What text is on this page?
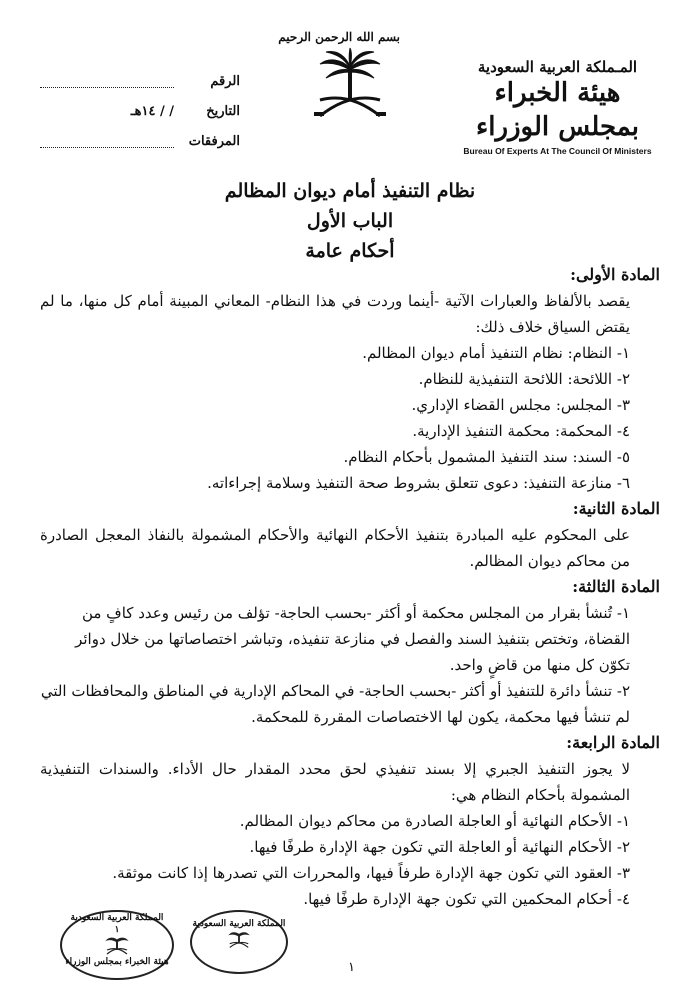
المـملكة العربية السعودية
هيئة الخبراء بمجلس الوزراء
Bureau Of Experts At The Council Of Ministers
بسم الله الرحمن الرحيم
الرقم
التاريخ
/ / ١٤هـ
المرفقات
نظام التنفيذ أمام ديوان المظالم
الباب الأول
أحكام عامة

المادة الأولى:

يقصد بالألفاظ والعبارات الآتية -أينما وردت في هذا النظام- المعاني المبينة أمام كل منها، ما لم يقتض السياق خلاف ذلك:

١- النظام: نظام التنفيذ أمام ديوان المظالم.
٢- اللائحة: اللائحة التنفيذية للنظام.
٣- المجلس: مجلس القضاء الإداري.
٤- المحكمة: محكمة التنفيذ الإدارية.
٥- السند: سند التنفيذ المشمول بأحكام النظام.
٦- منازعة التنفيذ: دعوى تتعلق بشروط صحة التنفيذ وسلامة إجراءاته.

المادة الثانية:

على المحكوم عليه المبادرة بتنفيذ الأحكام النهائية والأحكام المشمولة بالنفاذ المعجل الصادرة من محاكم ديوان المظالم.

المادة الثالثة:

١- تُنشأ بقرار من المجلس محكمة أو أكثر -بحسب الحاجة- تؤلف من رئيس وعدد كافٍ من القضاة، وتختص بتنفيذ السند والفصل في منازعة تنفيذه، وتباشر اختصاصاتها من خلال دوائر تكوّن كل منها من قاضٍ واحد.
٢- تنشأ دائرة للتنفيذ أو أكثر -بحسب الحاجة- في المحاكم الإدارية في المناطق والمحافظات التي لم تنشأ فيها محكمة، يكون لها الاختصاصات المقررة للمحكمة.

المادة الرابعة:

لا يجوز التنفيذ الجبري إلا بسند تنفيذي لحق محدد المقدار حال الأداء. والسندات التنفيذية المشمولة بأحكام النظام هي:

١- الأحكام النهائية أو العاجلة الصادرة من محاكم ديوان المظالم.
٢- الأحكام النهائية أو العاجلة التي تكون جهة الإدارة طرفًا فيها.
٣- العقود التي تكون جهة الإدارة طرفاً فيها، والمحررات التي تصدرها إذا كانت موثقة.
٤- أحكام المحكمين التي تكون جهة الإدارة طرفًا فيها.
المملكة العربية السعودية
١
هيئة الخبراء بمجلس الوزراء
المملكة العربية السعودية
١
